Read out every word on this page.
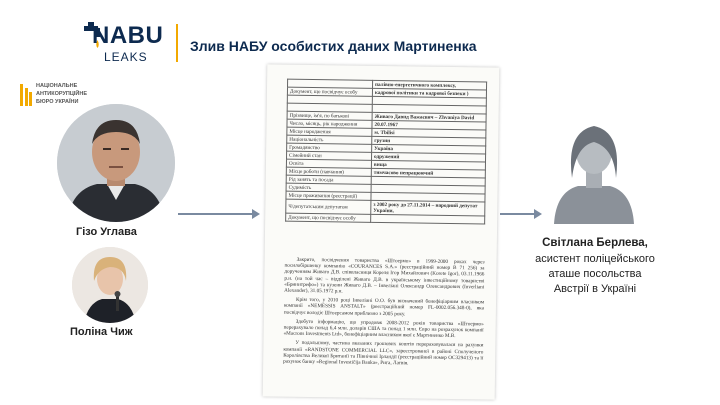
NABU
LEAKS
Злив НАБУ особистих даних Мартиненка
НАЦІОНАЛЬНЕ
АНТИКОРУПЦІЙНЕ
БЮРО УКРАЇНИ
Гізо Углава
Поліна Чиж
	палівно-енергетичного комплексу,
Документ, що посвідчує особу	кадрової політики та кадрової безпеки )

Прізвище, ім'я, по батькові	Живаго Давид Важаєвич – Zhvaniya David
Число, місяць, рік народження	20.07.1967
Місце народження	м. Tbilisi
Національність	грузин
Громадянство	Україна
Сімейний стан	одружений
Освіта	вища
Місце роботи (навчання)	тимчасово непрацюючий
Рід занять та посада	
Судимість	
Місце проживання (реєстрації)	
Ч/депутатським депутатом	з 2002 року до 27.11.2014 – народний депутат України,
Документ, що посвідчує особу	

Закрито, посвідчення товариства «Штоермо» в 1999-2000 роках через посилобіршенку компанію «COURANCES S.A.» (реєстраційний номер В 71 256) за дорученням Живаго Д.В. співвласниця Кореля Ігор Михайлович (Korete Igor), 03.11.1966 р.н. (на той час – відділені Живаго Д.В. в українському інвестиційному товаристві «Бриннтрефо») та кузени Живаго Д.В. – Інвеліані Олександр Олександрович (Inverliani Alexander), 31.05.1972 р.н.

Крім того, у 2010 році Інвеліані О.О. був визначений бенефіціарним власником компанії «NEMESSIS ANSTALT» (реєстраційний номер FL-0002.056.348-0), яка посвідчує володіє Штоерсамом приблизно з 2005 року.

Здобуто інформацію, що упродовж 2008-2012 років товариства «Штоермо» перерахувало понад 6,4 млн. доларів США та понад 1 млн. Євро на розрахунок компанії «Macrons Investments Ltd», бенефіціарним власником якої є Мартиненко М.В.

У подальшому, частина вказаних грошових коштів перераховувалася на рахунки компанії «RANDSTONE COMMERCIAL LLC», зареєстрованої в районі Сполученого Королівства Великої Британії та Північної Ірландії (реєстраційний номер OC329413) та її рахунок банку «Regional Investičija Banka», Рига, Латвія.

Світлана Берлева,
асистент поліцейського
аташе посольства
Австрії в Україні
